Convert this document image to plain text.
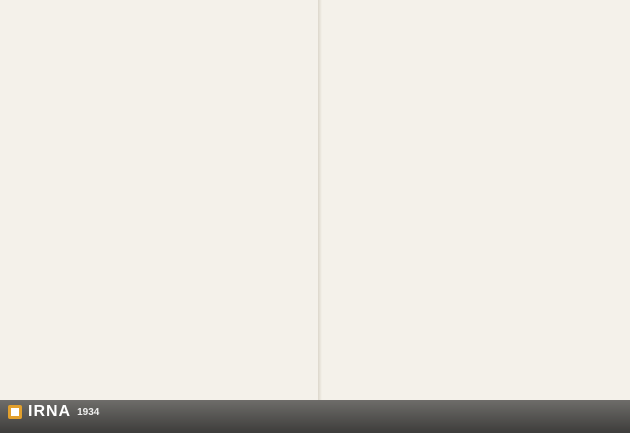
IRNA 1934
